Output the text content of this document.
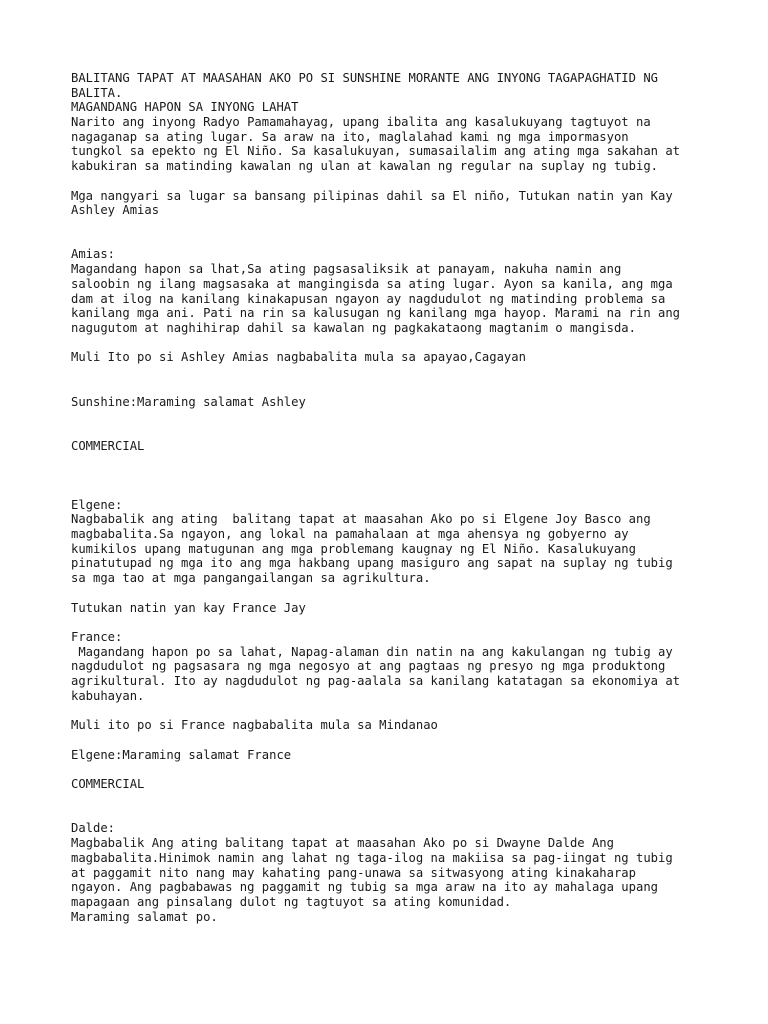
BALITANG TAPAT AT MAASAHAN AKO PO SI SUNSHINE MORANTE ANG INYONG TAGAPAGHATID NG
BALITA.
MAGANDANG HAPON SA INYONG LAHAT
Narito ang inyong Radyo Pamamahayag, upang ibalita ang kasalukuyang tagtuyot na
nagaganap sa ating lugar. Sa araw na ito, maglalahad kami ng mga impormasyon
tungkol sa epekto ng El Niño. Sa kasalukuyan, sumasailalim ang ating mga sakahan at
kabukiran sa matinding kawalan ng ulan at kawalan ng regular na suplay ng tubig.
Mga nangyari sa lugar sa bansang pilipinas dahil sa El niño, Tutukan natin yan Kay
Ashley Amias
Amias:
Magandang hapon sa lhat,Sa ating pagsasaliksik at panayam, nakuha namin ang
saloobin ng ilang magsasaka at mangingisda sa ating lugar. Ayon sa kanila, ang mga
dam at ilog na kanilang kinakapusan ngayon ay nagdudulot ng matinding problema sa
kanilang mga ani. Pati na rin sa kalusugan ng kanilang mga hayop. Marami na rin ang
nagugutom at naghihirap dahil sa kawalan ng pagkakataong magtanim o mangisda.
Muli Ito po si Ashley Amias nagbabalita mula sa apayao,Cagayan
Sunshine:Maraming salamat Ashley
COMMERCIAL
Elgene:
Nagbabalik ang ating  balitang tapat at maasahan Ako po si Elgene Joy Basco ang
magbabalita.Sa ngayon, ang lokal na pamahalaan at mga ahensya ng gobyerno ay
kumikilos upang matugunan ang mga problemang kaugnay ng El Niño. Kasalukuyang
pinatutupad ng mga ito ang mga hakbang upang masiguro ang sapat na suplay ng tubig
sa mga tao at mga pangangailangan sa agrikultura.
Tutukan natin yan kay France Jay
France:
Magandang hapon po sa lahat, Napag-alaman din natin na ang kakulangan ng tubig ay
nagdudulot ng pagsasara ng mga negosyo at ang pagtaas ng presyo ng mga produktong
agrikultural. Ito ay nagdudulot ng pag-aalala sa kanilang katatagan sa ekonomiya at
kabuhayan.
Muli ito po si France nagbabalita mula sa Mindanao
Elgene:Maraming salamat France
COMMERCIAL
Dalde:
Magbabalik Ang ating balitang tapat at maasahan Ako po si Dwayne Dalde Ang
magbabalita.Hinimok namin ang lahat ng taga-ilog na makiisa sa pag-iingat ng tubig
at paggamit nito nang may kahating pang-unawa sa sitwasyong ating kinakaharap
ngayon. Ang pagbabawas ng paggamit ng tubig sa mga araw na ito ay mahalaga upang
mapagaan ang pinsalang dulot ng tagtuyot sa ating komunidad.
Maraming salamat po.
